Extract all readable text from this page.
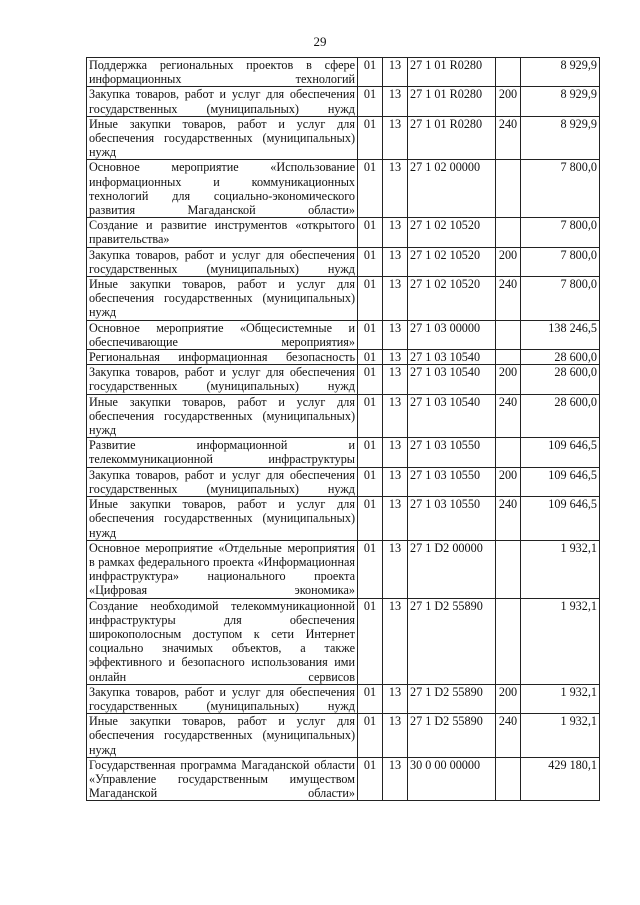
29
Поддержка региональных проектов в сфере информационных технологий	01	13	27 1 01 R0280		8 929,9
Закупка товаров, работ и услуг для обеспечения государственных (муниципальных) нужд	01	13	27 1 01 R0280	200	8 929,9
Иные закупки товаров, работ и услуг для обеспечения государственных (муниципальных) нужд	01	13	27 1 01 R0280	240	8 929,9
Основное мероприятие «Использование информационных и коммуникационных технологий для социально-экономического развития Магаданской области»	01	13	27 1 02 00000		7 800,0
Создание и развитие инструментов «открытого правительства»	01	13	27 1 02 10520		7 800,0
Закупка товаров, работ и услуг для обеспечения государственных (муниципальных) нужд	01	13	27 1 02 10520	200	7 800,0
Иные закупки товаров, работ и услуг для обеспечения государственных (муниципальных) нужд	01	13	27 1 02 10520	240	7 800,0
Основное мероприятие «Общесистемные и обеспечивающие мероприятия»	01	13	27 1 03 00000		138 246,5
Региональная информационная безопасность	01	13	27 1 03 10540		28 600,0
Закупка товаров, работ и услуг для обеспечения государственных (муниципальных) нужд	01	13	27 1 03 10540	200	28 600,0
Иные закупки товаров, работ и услуг для обеспечения государственных (муниципальных) нужд	01	13	27 1 03 10540	240	28 600,0
Развитие информационной и телекоммуникационной инфраструктуры	01	13	27 1 03 10550		109 646,5
Закупка товаров, работ и услуг для обеспечения государственных (муниципальных) нужд	01	13	27 1 03 10550	200	109 646,5
Иные закупки товаров, работ и услуг для обеспечения государственных (муниципальных) нужд	01	13	27 1 03 10550	240	109 646,5
Основное мероприятие «Отдельные мероприятия в рамках федерального проекта «Информационная инфраструктура» национального проекта «Цифровая экономика»	01	13	27 1 D2 00000		1 932,1
Создание необходимой телекоммуникационной инфраструктуры для обеспечения широкополосным доступом к сети Интернет социально значимых объектов, а также эффективного и безопасного использования ими онлайн сервисов	01	13	27 1 D2 55890		1 932,1
Закупка товаров, работ и услуг для обеспечения государственных (муниципальных) нужд	01	13	27 1 D2 55890	200	1 932,1
Иные закупки товаров, работ и услуг для обеспечения государственных (муниципальных) нужд	01	13	27 1 D2 55890	240	1 932,1
Государственная программа Магаданской области «Управление государственным имуществом Магаданской области»	01	13	30 0 00 00000		429 180,1
